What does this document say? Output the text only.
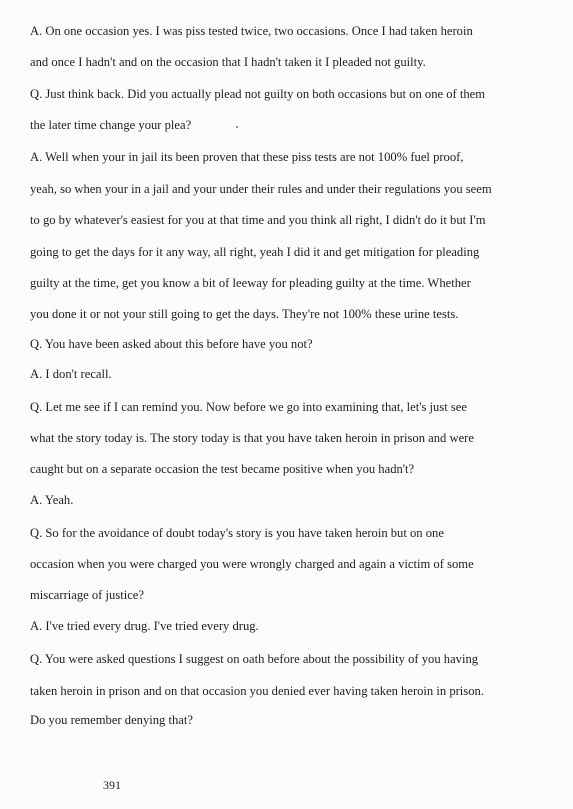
A. On one occasion yes. I was piss tested twice, two occasions. Once I had taken heroin
and once I hadn't and on the occasion that I hadn't taken it I pleaded not guilty.
Q. Just think back. Did you actually plead not guilty on both occasions but on one of them
the later time change your plea?
A. Well when your in jail its been proven that these piss tests are not 100% fuel proof,
yeah, so when your in a jail and your under their rules and under their regulations you seem
to go by whatever's easiest for you at that time and you think all right, I didn't do it but I'm
going to get the days for it any way, all right, yeah I did it and get mitigation for pleading
guilty at the time, get you know a bit of leeway for pleading guilty at the time. Whether
you done it or not your still going to get the days. They're not 100% these urine tests.
Q. You have been asked about this before have you not?
A. I don't recall.
Q. Let me see if I can remind you. Now before we go into examining that, let's just see
what the story today is. The story today is that you have taken heroin in prison and were
caught but on a separate occasion the test became positive when you hadn't?
A. Yeah.
Q. So for the avoidance of doubt today's story is you have taken heroin but on one
occasion when you were charged you were wrongly charged and again a victim of some
miscarriage of justice?
A. I've tried every drug. I've tried every drug.
Q. You were asked questions I suggest on oath before about the possibility of you having
taken heroin in prison and on that occasion you denied ever having taken heroin in prison.
Do you remember denying that?
391
